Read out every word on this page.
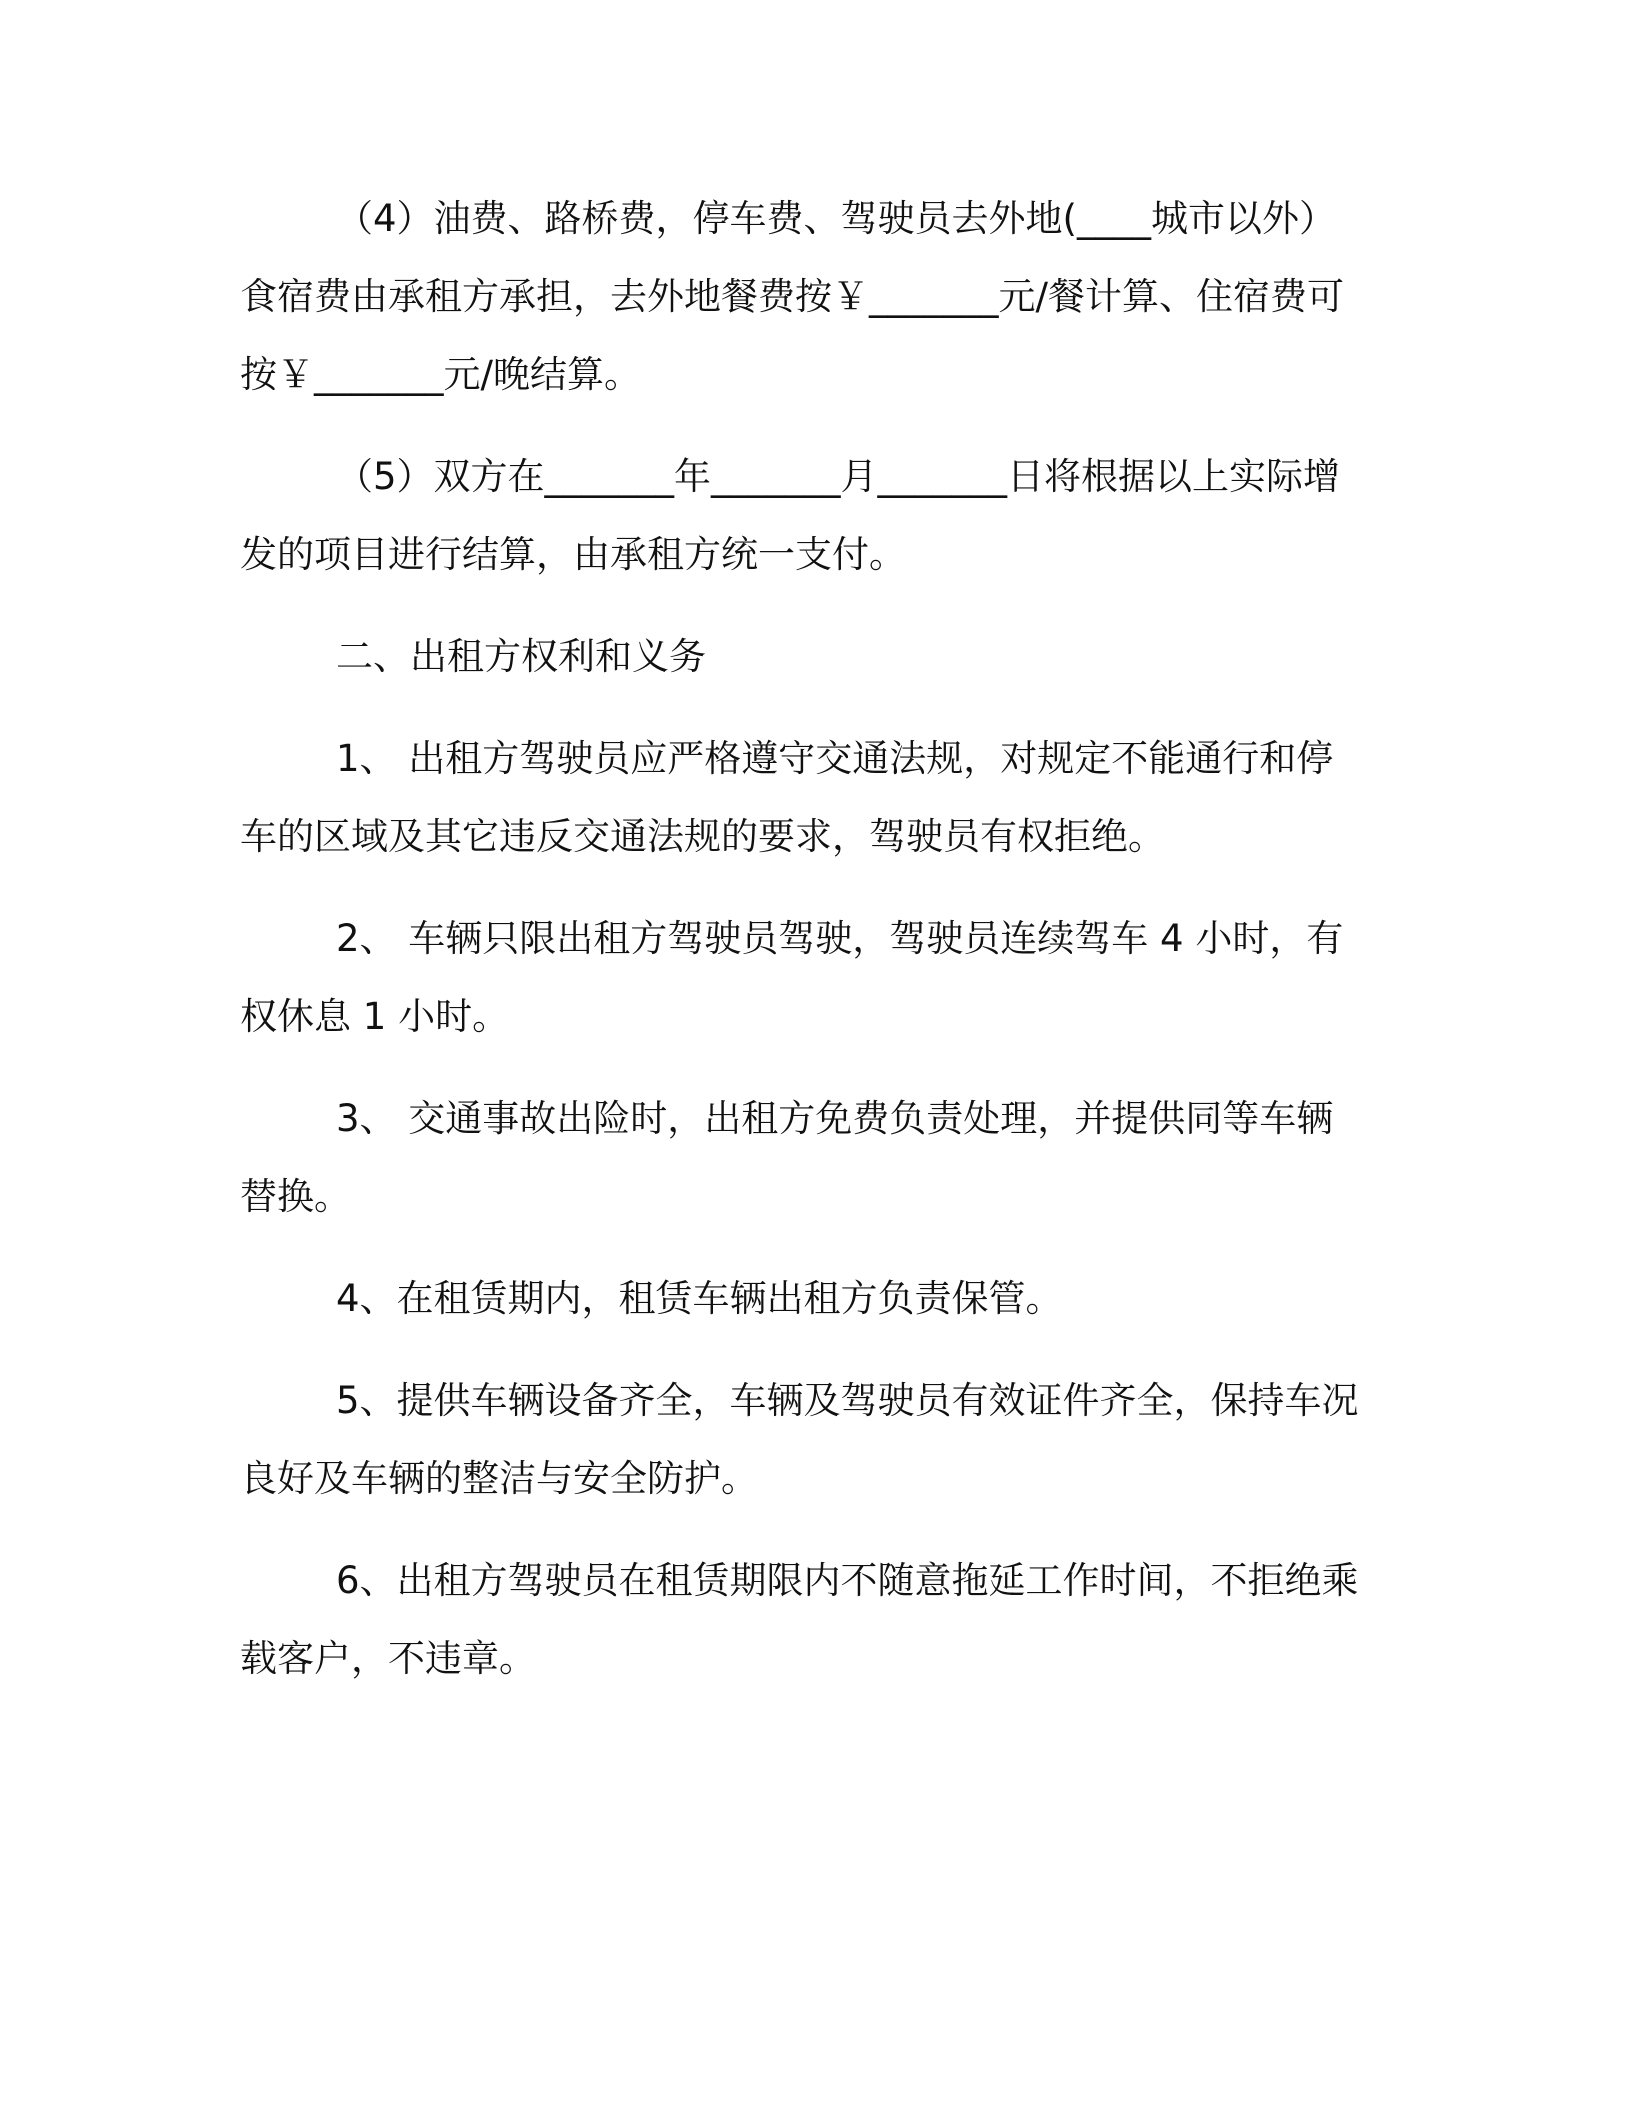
（4）油费、路桥费，停车费、驾驶员去外地(____城市以外）食宿费由承租方承担，去外地餐费按￥_______元/餐计算、住宿费可按￥_______元/晚结算。

（5）双方在_______年_______月_______日将根据以上实际增发的项目进行结算，由承租方统一支付。

二、出租方权利和义务

1、 出租方驾驶员应严格遵守交通法规，对规定不能通行和停车的区域及其它违反交通法规的要求，驾驶员有权拒绝。

2、 车辆只限出租方驾驶员驾驶，驾驶员连续驾车 4 小时，有权休息 1 小时。

3、 交通事故出险时，出租方免费负责处理，并提供同等车辆替换。

4、在租赁期内，租赁车辆出租方负责保管。

5、提供车辆设备齐全，车辆及驾驶员有效证件齐全，保持车况良好及车辆的整洁与安全防护。

6、出租方驾驶员在租赁期限内不随意拖延工作时间，不拒绝乘载客户，不违章。
